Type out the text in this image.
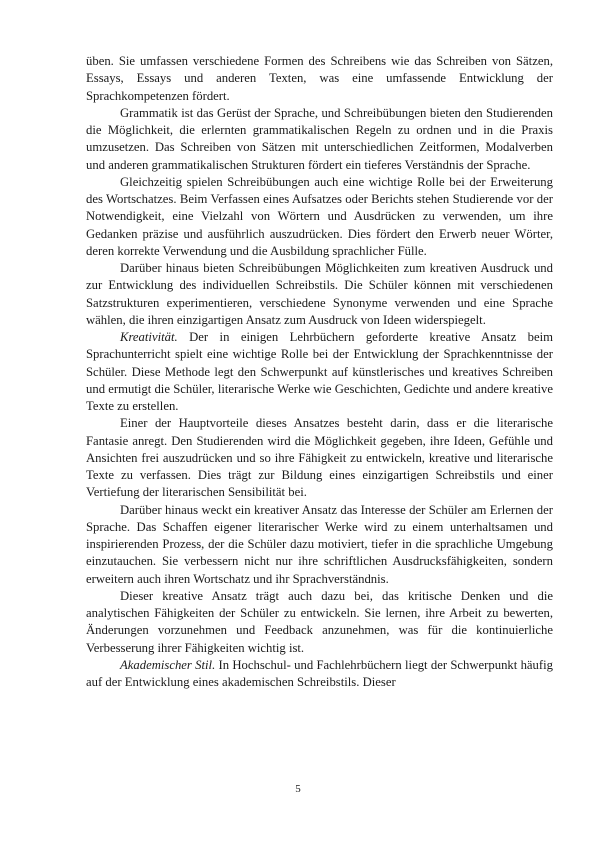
üben. Sie umfassen verschiedene Formen des Schreibens wie das Schreiben von Sätzen, Essays, Essays und anderen Texten, was eine umfassende Entwicklung der Sprachkompetenzen fördert.

Grammatik ist das Gerüst der Sprache, und Schreibübungen bieten den Studierenden die Möglichkeit, die erlernten grammatikalischen Regeln zu ordnen und in die Praxis umzusetzen. Das Schreiben von Sätzen mit unterschiedlichen Zeitformen, Modalverben und anderen grammatikalischen Strukturen fördert ein tieferes Verständnis der Sprache.

Gleichzeitig spielen Schreibübungen auch eine wichtige Rolle bei der Erweiterung des Wortschatzes. Beim Verfassen eines Aufsatzes oder Berichts stehen Studierende vor der Notwendigkeit, eine Vielzahl von Wörtern und Ausdrücken zu verwenden, um ihre Gedanken präzise und ausführlich auszudrücken. Dies fördert den Erwerb neuer Wörter, deren korrekte Verwendung und die Ausbildung sprachlicher Fülle.

Darüber hinaus bieten Schreibübungen Möglichkeiten zum kreativen Ausdruck und zur Entwicklung des individuellen Schreibstils. Die Schüler können mit verschiedenen Satzstrukturen experimentieren, verschiedene Synonyme verwenden und eine Sprache wählen, die ihren einzigartigen Ansatz zum Ausdruck von Ideen widerspiegelt.

Kreativität. Der in einigen Lehrbüchern geforderte kreative Ansatz beim Sprachunterricht spielt eine wichtige Rolle bei der Entwicklung der Sprachkenntnisse der Schüler. Diese Methode legt den Schwerpunkt auf künstlerisches und kreatives Schreiben und ermutigt die Schüler, literarische Werke wie Geschichten, Gedichte und andere kreative Texte zu erstellen.

Einer der Hauptvorteile dieses Ansatzes besteht darin, dass er die literarische Fantasie anregt. Den Studierenden wird die Möglichkeit gegeben, ihre Ideen, Gefühle und Ansichten frei auszudrücken und so ihre Fähigkeit zu entwickeln, kreative und literarische Texte zu verfassen. Dies trägt zur Bildung eines einzigartigen Schreibstils und einer Vertiefung der literarischen Sensibilität bei.

Darüber hinaus weckt ein kreativer Ansatz das Interesse der Schüler am Erlernen der Sprache. Das Schaffen eigener literarischer Werke wird zu einem unterhaltsamen und inspirierenden Prozess, der die Schüler dazu motiviert, tiefer in die sprachliche Umgebung einzutauchen. Sie verbessern nicht nur ihre schriftlichen Ausdrucksfähigkeiten, sondern erweitern auch ihren Wortschatz und ihr Sprachverständnis.

Dieser kreative Ansatz trägt auch dazu bei, das kritische Denken und die analytischen Fähigkeiten der Schüler zu entwickeln. Sie lernen, ihre Arbeit zu bewerten, Änderungen vorzunehmen und Feedback anzunehmen, was für die kontinuierliche Verbesserung ihrer Fähigkeiten wichtig ist.

Akademischer Stil. In Hochschul- und Fachlehrbüchern liegt der Schwerpunkt häufig auf der Entwicklung eines akademischen Schreibstils. Dieser

5
